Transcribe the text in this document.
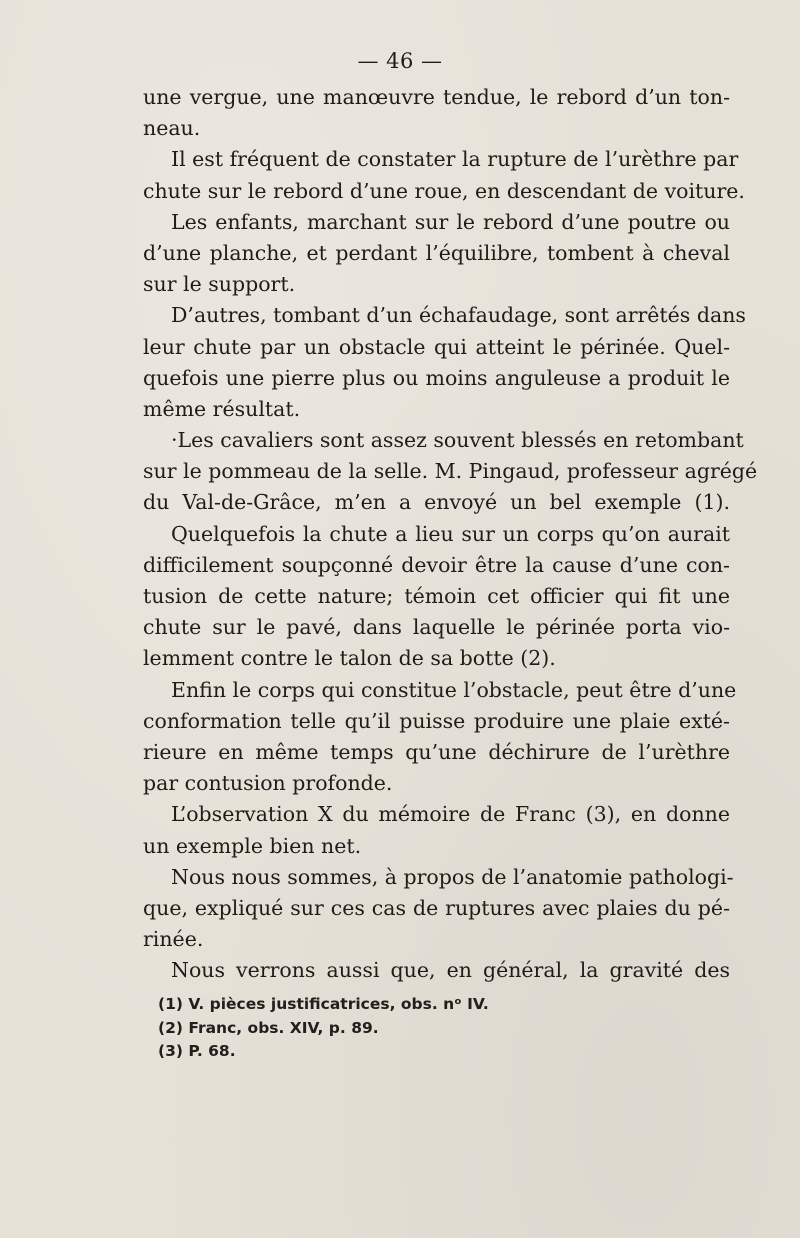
— 46 —
une vergue, une manœuvre tendue, le rebord d’un ton-
neau.
Il est fréquent de constater la rupture de l’urèthre par
chute sur le rebord d’une roue, en descendant de voiture.
Les enfants, marchant sur le rebord d’une poutre ou
d’une planche, et perdant l’équilibre, tombent à cheval
sur le support.
D’autres, tombant d’un échafaudage, sont arrêtés dans
leur chute par un obstacle qui atteint le périnée. Quel-
quefois une pierre plus ou moins anguleuse a produit le
même résultat.
·Les cavaliers sont assez souvent blessés en retombant
sur le pommeau de la selle. M. Pingaud, professeur agrégé
du Val-de-Grâce, m’en a envoyé un bel exemple (1).
Quelquefois la chute a lieu sur un corps qu’on aurait
difficilement soupçonné devoir être la cause d’une con-
tusion de cette nature; témoin cet officier qui fit une
chute sur le pavé, dans laquelle le périnée porta vio-
lemment contre le talon de sa botte (2).
Enfin le corps qui constitue l’obstacle, peut être d’une
conformation telle qu’il puisse produire une plaie exté-
rieure en même temps qu’une déchirure de l’urèthre
par contusion profonde.
L’observation X du mémoire de Franc (3), en donne
un exemple bien net.
Nous nous sommes, à propos de l’anatomie pathologi-
que, expliqué sur ces cas de ruptures avec plaies du pé-
rinée.
Nous verrons aussi que, en général, la gravité des
(1) V. pièces justificatrices, obs. nᵒ IV.
(2) Franc, obs. XIV, p. 89.
(3) P. 68.
